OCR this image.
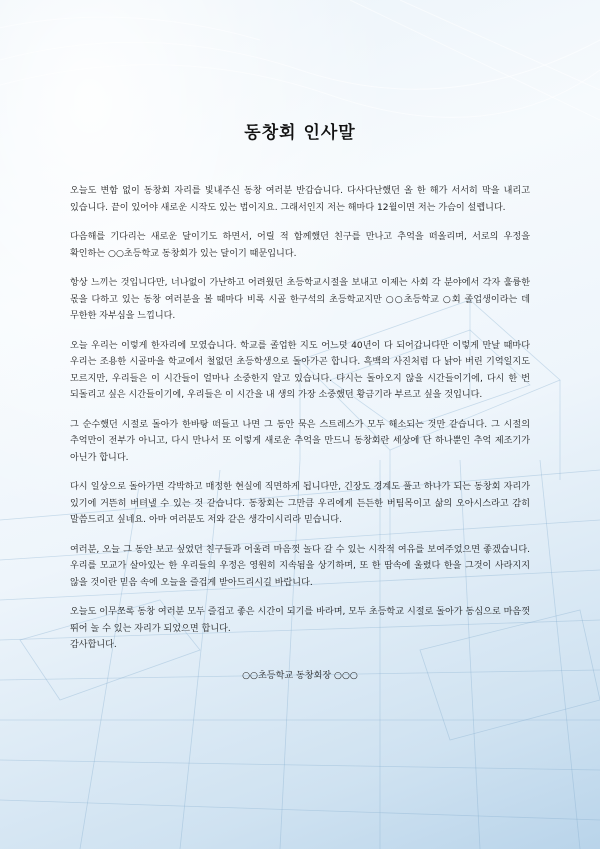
동창회 인사말

오늘도 변함 없이 동창회 자리를 빛내주신 동창 여러분 반갑습니다. 다사다난했던 올 한 해가 서서히 막을 내리고 있습니다. 끝이 있어야 새로운 시작도 있는 법이지요. 그래서인지 저는 해마다 12월이면 저는 가슴이 설렙니다.

다음해를 기다리는 새로운 달이기도 하면서, 어릴 적 함께했던 친구를 만나고 추억을 떠올리며, 서로의 우정을 확인하는 ○○초등학교 동창회가 있는 달이기 때문입니다.

항상 느끼는 것입니다만, 너나없이 가난하고 어려웠던 초등학교시절을 보내고 이제는 사회 각 분야에서 각자 훌륭한 몫을 다하고 있는 동창 여러분을 볼 때마다 비록 시골 한구석의 초등학교지만 ○○초등학교 ○회 졸업생이라는 데 무한한 자부심을 느낍니다.

오늘 우리는 이렇게 한자리에 모였습니다. 학교를 졸업한 지도 어느덧 40년이 다 되어갑니다만 이렇게 만날 때마다 우리는 조용한 시골마을 학교에서 철없던 초등학생으로 돌아가곤 합니다. 흑백의 사진처럼 다 낡아 버린 기억일지도 모르지만, 우리들은 이 시간들이 얼마나 소중한지 알고 있습니다. 다시는 돌아오지 않을 시간들이기에, 다시 한 번 되돌리고 싶은 시간들이기에, 우리들은 이 시간을 내 생의 가장 소중했던 황금기라 부르고 싶을 것입니다.

그 순수했던 시절로 돌아가 한바탕 떠들고 나면 그 동안 묵은 스트레스가 모두 해소되는 것만 같습니다. 그 시절의 추억만이 전부가 아니고, 다시 만나서 또 이렇게 새로운 추억을 만드니 동창회란 세상에 단 하나뿐인 추억 제조기가 아닌가 합니다.

다시 일상으로 돌아가면 각박하고 매정한 현실에 직면하게 됩니다만, 긴장도 경계도 풀고 하나가 되는 동창회 자리가 있기에 거뜬히 버텨낼 수 있는 것 같습니다. 동창회는 그만큼 우리에게 든든한 버팀목이고 삶의 오아시스라고 감히 말씀드리고 싶네요. 아마 여러분도 저와 같은 생각이시리라 믿습니다.

여러분, 오늘 그 동안 보고 싶었던 친구들과 어울려 마음껏 놀다 갈 수 있는 시작적 여유를 보여주었으면 좋겠습니다. 우리를 모교가 살아있는 한 우리들의 우정은 영원히 지속됨을 상기하며, 또 한 땀속에 울렸다 한을 그것이 사라지지 않을 것이란 믿음 속에 오늘을 즐겁게 받아드리시길 바랍니다.

오늘도 이무쪼록 동창 여러분 모두 즐겁고 좋은 시간이 되기를 바라며, 모두 초등학교 시절로 돌아가 동심으로 마음껏 뛰어 놀 수 있는 자리가 되었으면 합니다.

감사합니다.

○○초등학교 동창회장 ○○○
